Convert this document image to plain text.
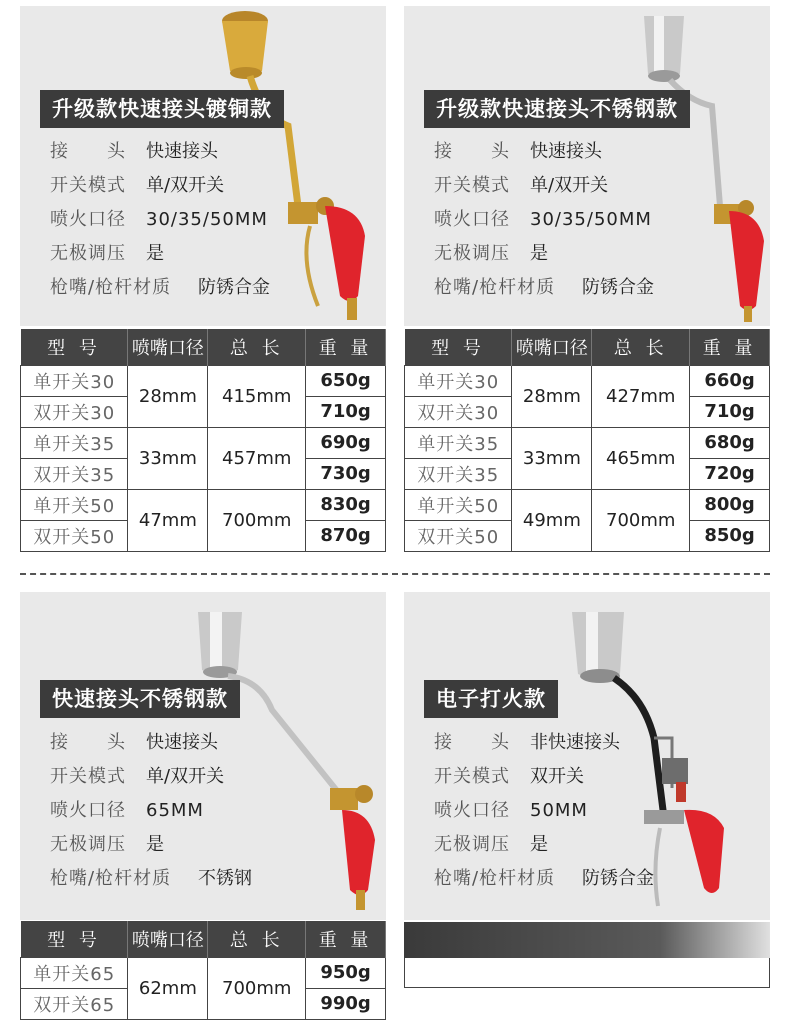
升级款快速接头镀铜款
接 头 快速接头
开关模式 单/双开关
喷火口径 30/35/50MM
无极调压 是
枪嘴/枪杆材质 防锈合金
升级款快速接头不锈钢款
接 头 快速接头
开关模式 单/双开关
喷火口径 30/35/50MM
无极调压 是
枪嘴/枪杆材质 防锈合金
型 号	喷嘴口径	总 长	重 量
单开关30	28mm	415mm	650g
双开关30			710g
单开关35	33mm	457mm	690g
双开关35			730g
单开关50	47mm	700mm	830g
双开关50			870g
型 号	喷嘴口径	总 长	重 量
单开关30	28mm	427mm	660g
双开关30			710g
单开关35	33mm	465mm	680g
双开关35			720g
单开关50	49mm	700mm	800g
双开关50			850g
快速接头不锈钢款
接 头 快速接头
开关模式 单/双开关
喷火口径 65MM
无极调压 是
枪嘴/枪杆材质 不锈钢
电子打火款
接 头 非快速接头
开关模式 双开关
喷火口径 50MM
无极调压 是
枪嘴/枪杆材质 防锈合金
型 号	喷嘴口径	总 长	重 量
单开关65	62mm	700mm	950g
双开关65			990g
